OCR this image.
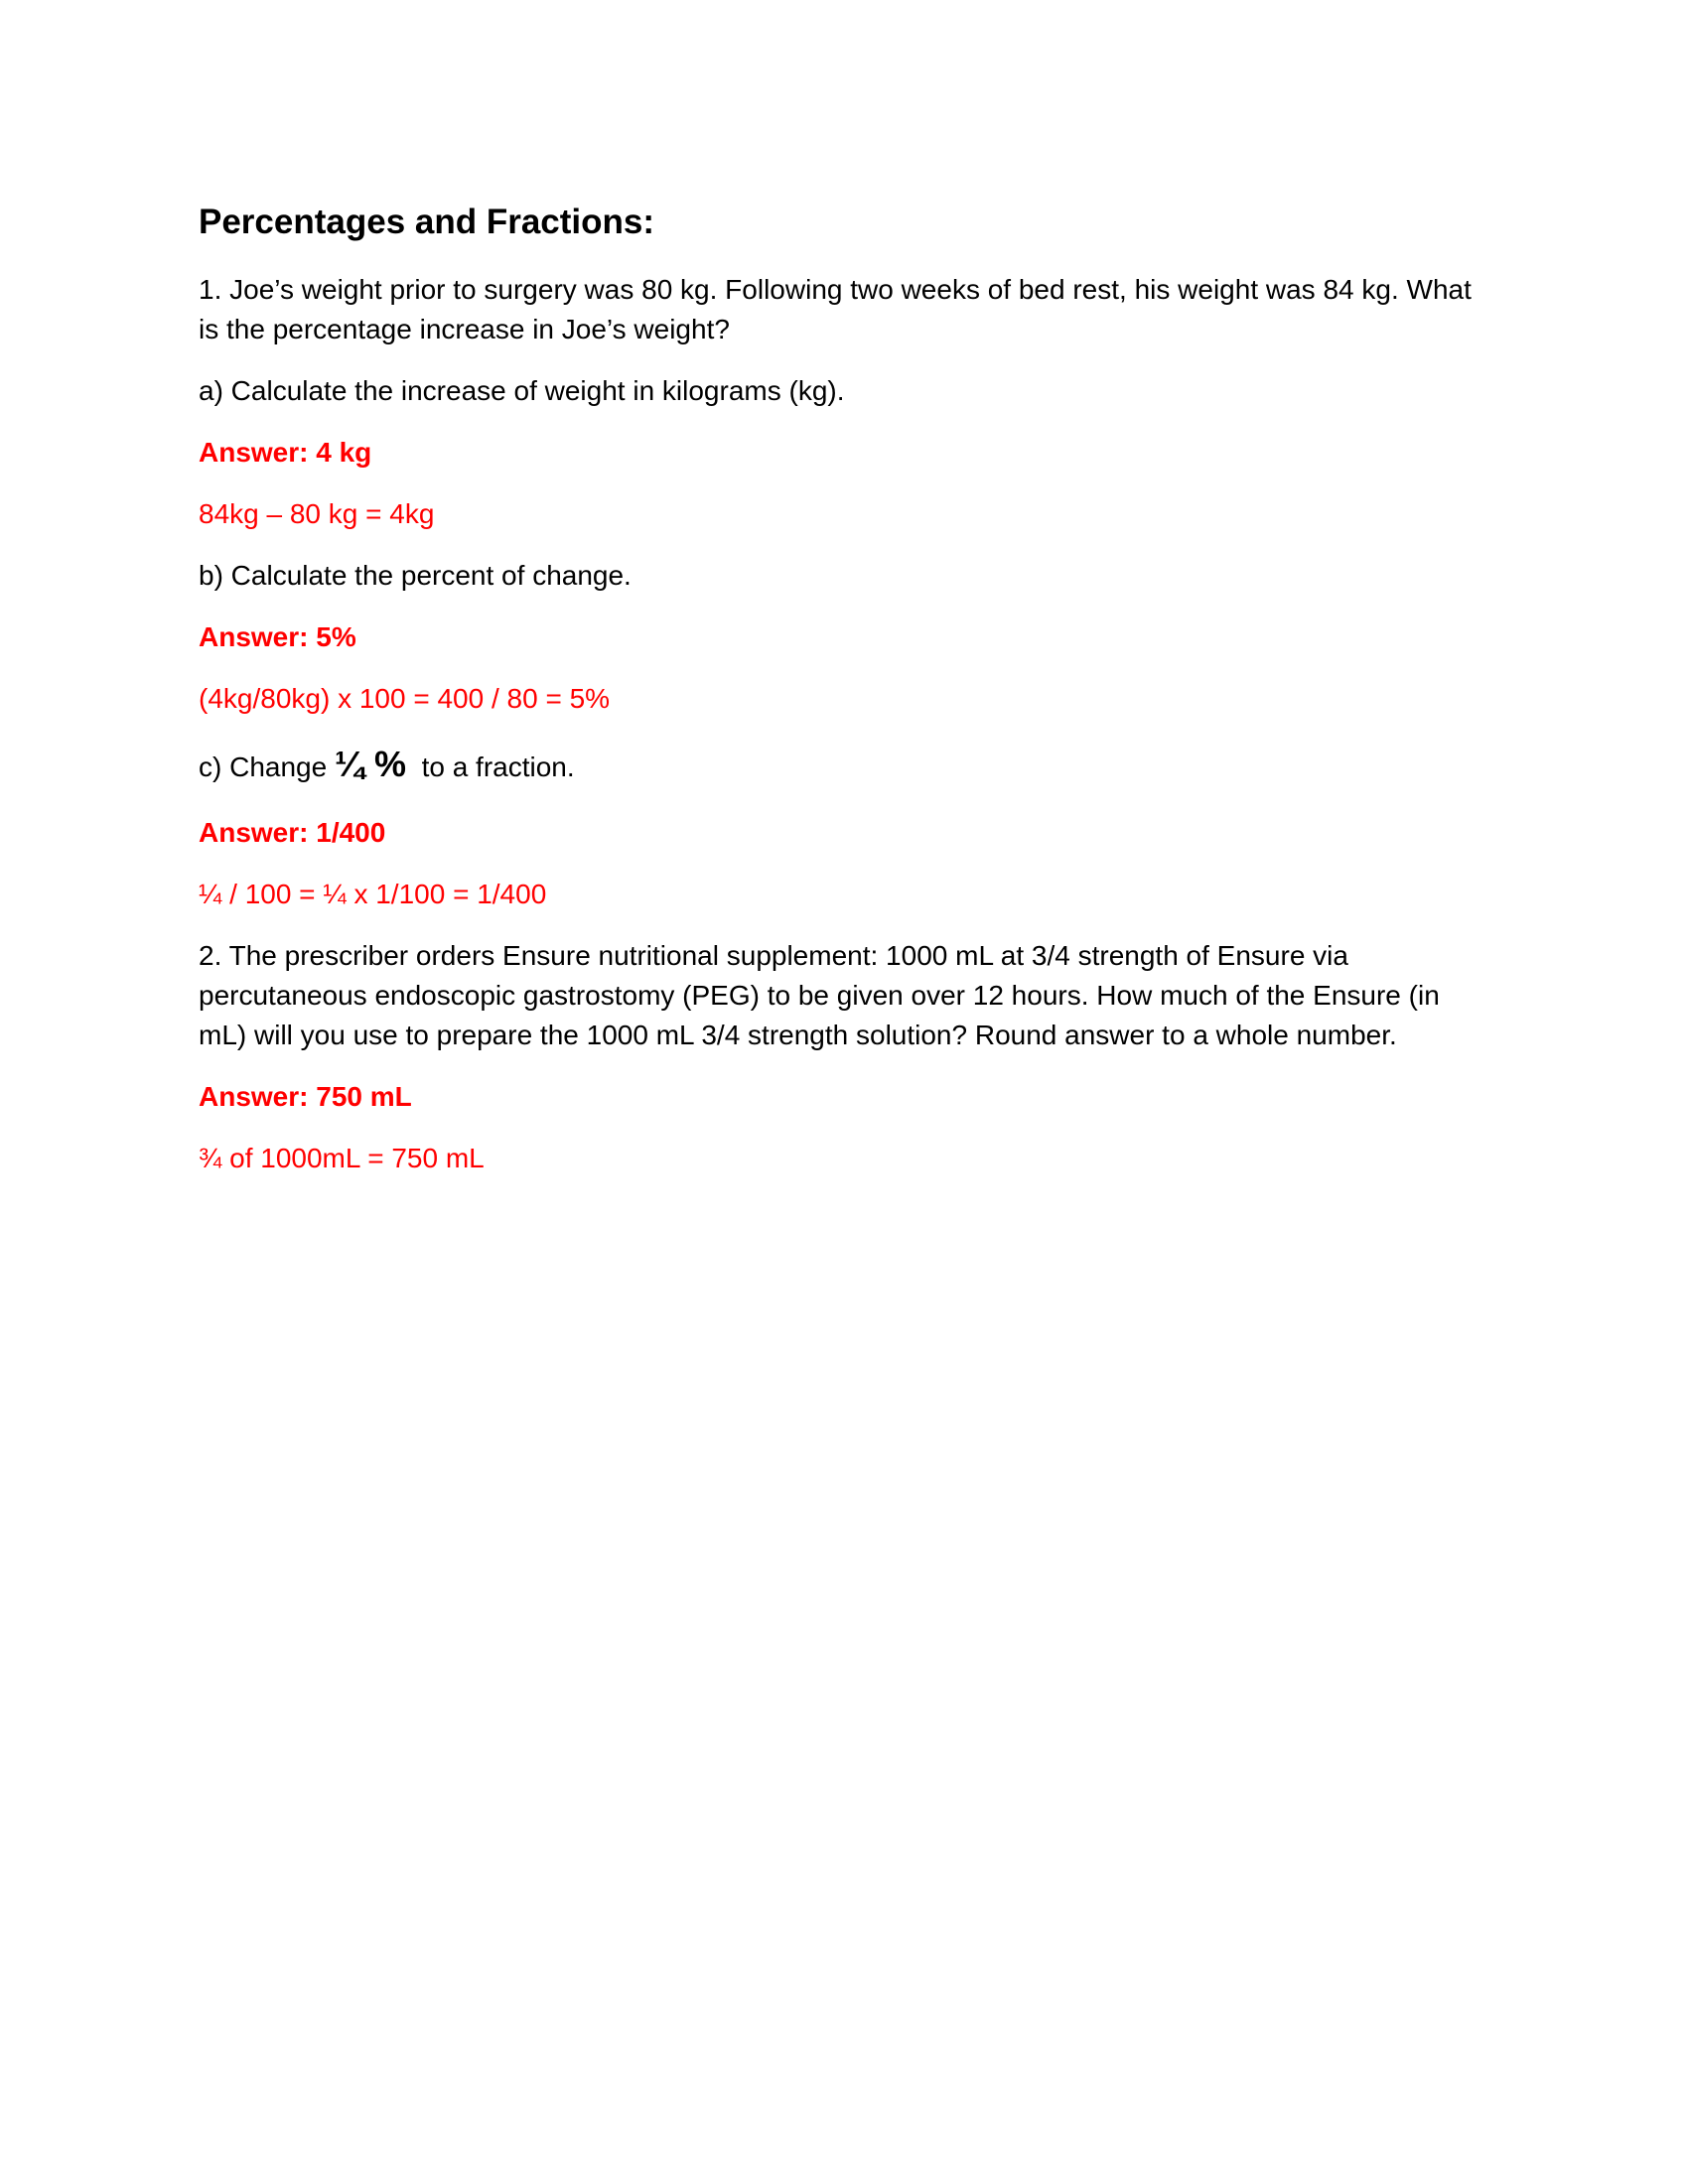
Percentages and Fractions:
1. Joe’s weight prior to surgery was 80 kg. Following two weeks of bed rest, his weight was 84 kg. What is the percentage increase in Joe’s weight?
a) Calculate the increase of weight in kilograms (kg).
Answer: 4 kg
84kg – 80 kg = 4kg
b) Calculate the percent of change.
Answer: 5%
(4kg/80kg) x 100 = 400 / 80 = 5%
c) Change ¼ %  to a fraction.
Answer: 1/400
¼ / 100 = ¼ x 1/100 = 1/400
2. The prescriber orders Ensure nutritional supplement: 1000 mL at 3/4 strength of Ensure via percutaneous endoscopic gastrostomy (PEG) to be given over 12 hours. How much of the Ensure (in mL) will you use to prepare the 1000 mL 3/4 strength solution? Round answer to a whole number.
Answer: 750 mL
¾ of 1000mL = 750 mL
